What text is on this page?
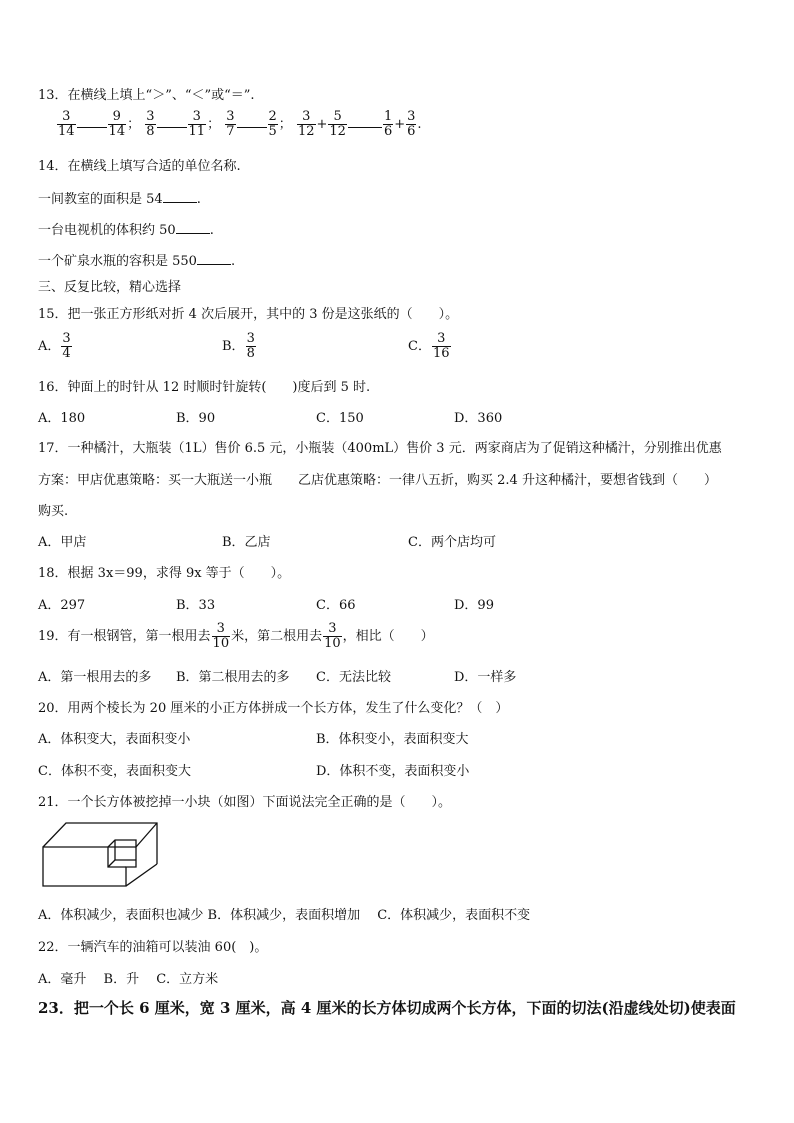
13．在横线上填上“＞”、“＜”或“＝”.
$\frac{3}{14} \frac{9}{14}$ ； $\frac{3}{8} \frac{3}{11}$ ； $\frac{3}{7} \frac{2}{5}$ ； $\frac{3}{12} + \frac{5}{12}$	$\frac{1}{6} + \frac{3}{6}$ .
14．在横线上填写合适的单位名称.
一间教室的面积是 54	.
一台电视机的体积约 50	.
一个矿泉水瓶的容积是 550	.
三、反复比较，精心选择
15．把一张正方形纸对折 4 次后展开，其中的 3 份是这张纸的（　　）。
A． $\frac{3}{4}$	B． $\frac{3}{8}$	C． $\frac{3}{16}$
16．钟面上的时针从 12 时顺时针旋转(　　)度后到 5 时.
A．180	B．90	C．150	D．360
17．一种橘汁，大瓶装（1L）售价 6.5 元，小瓶装（400mL）售价 3 元．两家商店为了促销这种橘汁，分别推出优惠
方案：甲店优惠策略：买一大瓶送一小瓶　　乙店优惠策略：一律八五折，购买 2.4 升这种橘汁，要想省钱到（　　）
购买.
A．甲店	B．乙店	C．两个店均可
18．根据 3x＝99，求得 9x 等于（　　）。
A．297	B．33	C．66	D．99
19．有一根钢管，第一根用去 $\frac{3}{10}$ 米，第二根用去 $\frac{3}{10}$ ，相比（　　）
A．第一根用去的多 B．第二根用去的多 C．无法比较	D．一样多
20．用两个棱长为 20 厘米的小正方体拼成一个长方体，发生了什么变化？（　）
A．体积变大，表面积变小	B．体积变小，表面积变大
C．体积不变，表面积变大	D．体积不变，表面积变小
21．一个长方体被挖掉一小块（如图）下面说法完全正确的是（　　）。
A．体积减少，表面积也减少 B．体积减少，表面积增加　 C．体积减少，表面积不变
22．一辆汽车的油箱可以装油 60(　)。
A．毫升　 B．升　 C．立方米
23．把一个长 6 厘米，宽 3 厘米，高 4 厘米的长方体切成两个长方体，下面的切法(沿虚线处切)使表面
